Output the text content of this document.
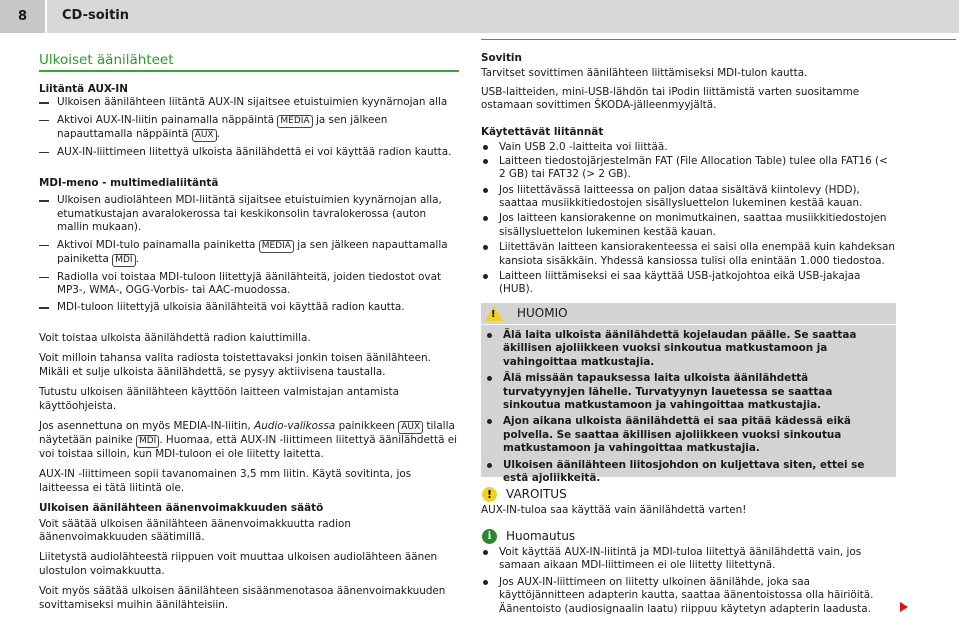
8	CD-soitin
Ulkoiset äänilähteet
Liitäntä AUX-IN
Ulkoisen äänilähteen liitäntä AUX-IN sijaitsee etuistuimien kyynärnojan alla
Aktivoi AUX-IN-liitin painamalla näppäintä MEDIA ja sen jälkeen napauttamalla näppäintä AUX .
AUX-IN-liittimeen liitettyä ulkoista äänilähdettä ei voi käyttää radion kautta.
MDI-meno - multimedialiitäntä
Ulkoisen audiolähteen MDI-liitäntä sijaitsee etuistuimien kyynärnojan alla, etumatkustajan avaralokerossa tai keskikonsolin tavralokerossa (auton mallin mukaan).
Aktivoi MDI-tulo painamalla painiketta MEDIA ja sen jälkeen napauttamalla painiketta MDI .
Radiolla voi toistaa MDI-tuloon liitettyjä äänilähteitä, joiden tiedostot ovat MP3-, WMA-, OGG-Vorbis- tai AAC-muodossa.
MDI-tuloon liitettyjä ulkoisia äänilähteitä voi käyttää radion kautta.

Voit toistaa ulkoista äänilähdettä radion kaiuttimilla.

Voit milloin tahansa valita radiosta toistettavaksi jonkin toisen äänilähteen. Mikäli et sulje ulkoista äänilähdettä, se pysyy aktiivisena taustalla.

Tutustu ulkoisen äänilähteen käyttöön laitteen valmistajan antamista käyttöohjeista.

Jos asennettuna on myös MEDIA-IN-liitin, Audio-valikossa painikkeen AUX tilalla näytetään painike MDI . Huomaa, että AUX-IN -liittimeen liitettyä äänilähdettä ei voi toistaa silloin, kun MDI-tuloon ei ole liitetty laitetta.

AUX-IN -liittimeen sopii tavanomainen 3,5 mm liitin. Käytä sovitinta, jos laitteessa ei tätä liitintä ole.

Ulkoisen äänilähteen äänenvoimakkuuden säätö

Voit säätää ulkoisen äänilähteen äänenvoimakkuutta radion äänenvoimakkuuden säätimillä.

Liitetystä audiolähteestä riippuen voit muuttaa ulkoisen audiolähteen äänen ulostulon voimakkuutta.

Voit myös säätää ulkoisen äänilähteen sisäänmenotasoa äänenvoimakkuuden sovittamiseksi muihin äänilähteisiin.

Sovitin

Tarvitset sovittimen äänilähteen liittämiseksi MDI-tulon kautta.

USB-laitteiden, mini-USB-lähdön tai iPodin liittämistä varten suositamme ostamaan sovittimen ŠKODA-jälleenmyyjältä.

Käytettävät liitännät
Vain USB 2.0 -laitteita voi liittää.
Laitteen tiedostojärjestelmän FAT (File Allocation Table) tulee olla FAT16 (< 2 GB) tai FAT32 (> 2 GB).
Jos liitettävässä laitteessa on paljon dataa sisältävä kiintolevy (HDD), saattaa musiikkitiedostojen sisällysluettelon lukeminen kestää kauan.
Jos laitteen kansiorakenne on monimutkainen, saattaa musiikkitiedostojen sisällysluettelon lukeminen kestää kauan.
Liitettävän laitteen kansiorakenteessa ei saisi olla enempää kuin kahdeksan kansiota sisäkkäin. Yhdessä kansiossa tulisi olla enintään 1.000 tiedostoa.
Laitteen liittämiseksi ei saa käyttää USB-jatkojohtoa eikä USB-jakajaa (HUB).
! HUOMIO
Älä laita ulkoista äänilähdettä kojelaudan päälle. Se saattaa äkillisen ajoliikkeen vuoksi sinkoutua matkustamoon ja vahingoittaa matkustajia.
Älä missään tapauksessa laita ulkoista äänilähdettä turvatyynyjen lähelle. Turvatyynyn lauetessa se saattaa sinkoutua matkustamoon ja vahingoittaa matkustajia.
Ajon aikana ulkoista äänilähdettä ei saa pitää kädessä eikä polvella. Se saattaa äkillisen ajoliikkeen vuoksi sinkoutua matkustamoon ja vahingoittaa matkustajia.
Ulkoisen äänilähteen liitosjohdon on kuljettava siten, ettei se estä ajoliikkeitä.
!	VAROITUS
AUX-IN-tuloa saa käyttää vain äänilähdettä varten!
i	Huomautus
Voit käyttää AUX-IN-liitintä ja MDI-tuloa liitettyä äänilähdettä vain, jos samaan aikaan MDI-liittimeen ei ole liitetty liitettynä.
Jos AUX-IN-liittimeen on liitetty ulkoinen äänilähde, joka saa käyttöjännitteen adapterin kautta, saattaa äänentoistossa olla häiriöitä. Äänentoisto (audiosignaalin laatu) riippuu käytetyn adapterin laadusta.
